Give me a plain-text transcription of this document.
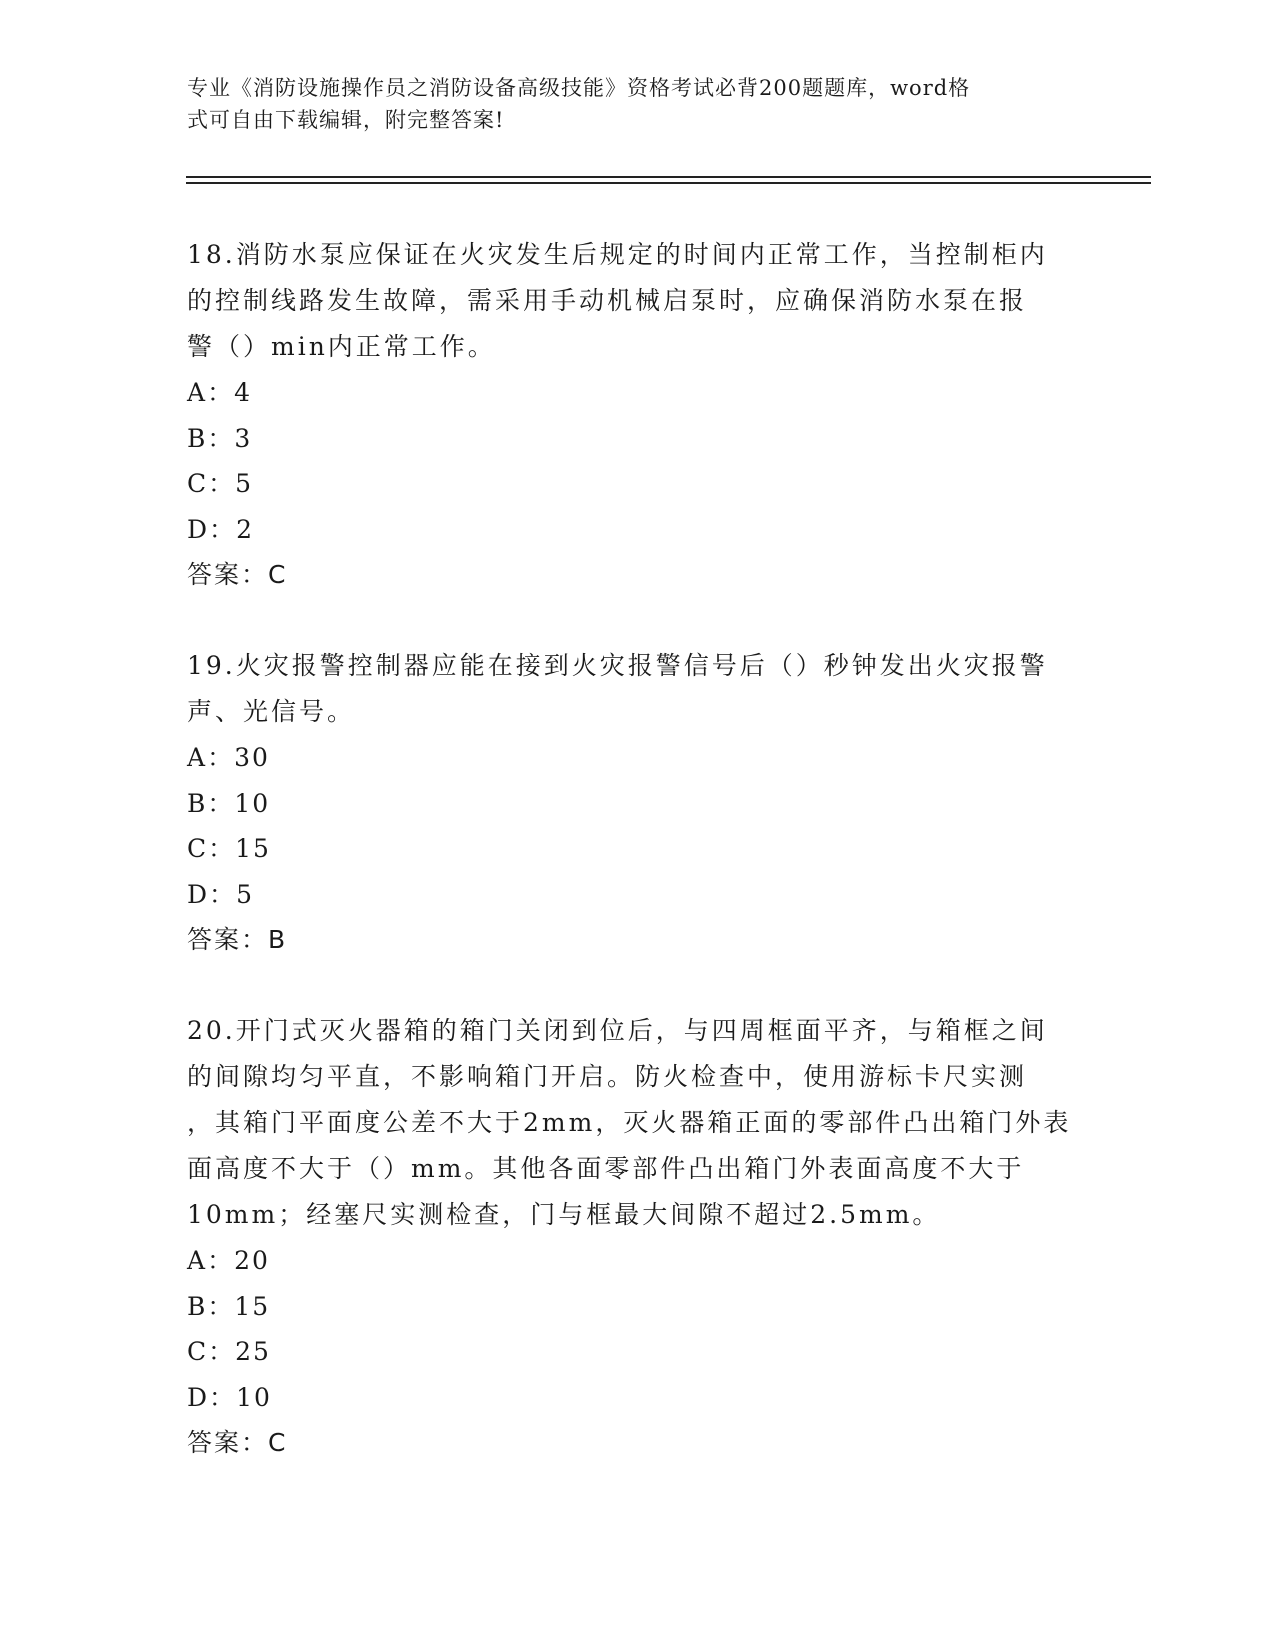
专业《消防设施操作员之消防设备高级技能》资格考试必背200题题库，word格
式可自由下载编辑，附完整答案!
18.消防水泵应保证在火灾发生后规定的时间内正常工作，当控制柜内
的控制线路发生故障，需采用手动机械启泵时，应确保消防水泵在报
警（）min内正常工作。
A：4
B：3
C：5
D：2
答案：C
19.火灾报警控制器应能在接到火灾报警信号后（）秒钟发出火灾报警
声、光信号。
A：30
B：10
C：15
D：5
答案：B
20.开门式灭火器箱的箱门关闭到位后，与四周框面平齐，与箱框之间
的间隙均匀平直，不影响箱门开启。防火检查中，使用游标卡尺实测
，其箱门平面度公差不大于2mm，灭火器箱正面的零部件凸出箱门外表
面高度不大于（）mm。其他各面零部件凸出箱门外表面高度不大于
10mm；经塞尺实测检查，门与框最大间隙不超过2.5mm。
A：20
B：15
C：25
D：10
答案：C
